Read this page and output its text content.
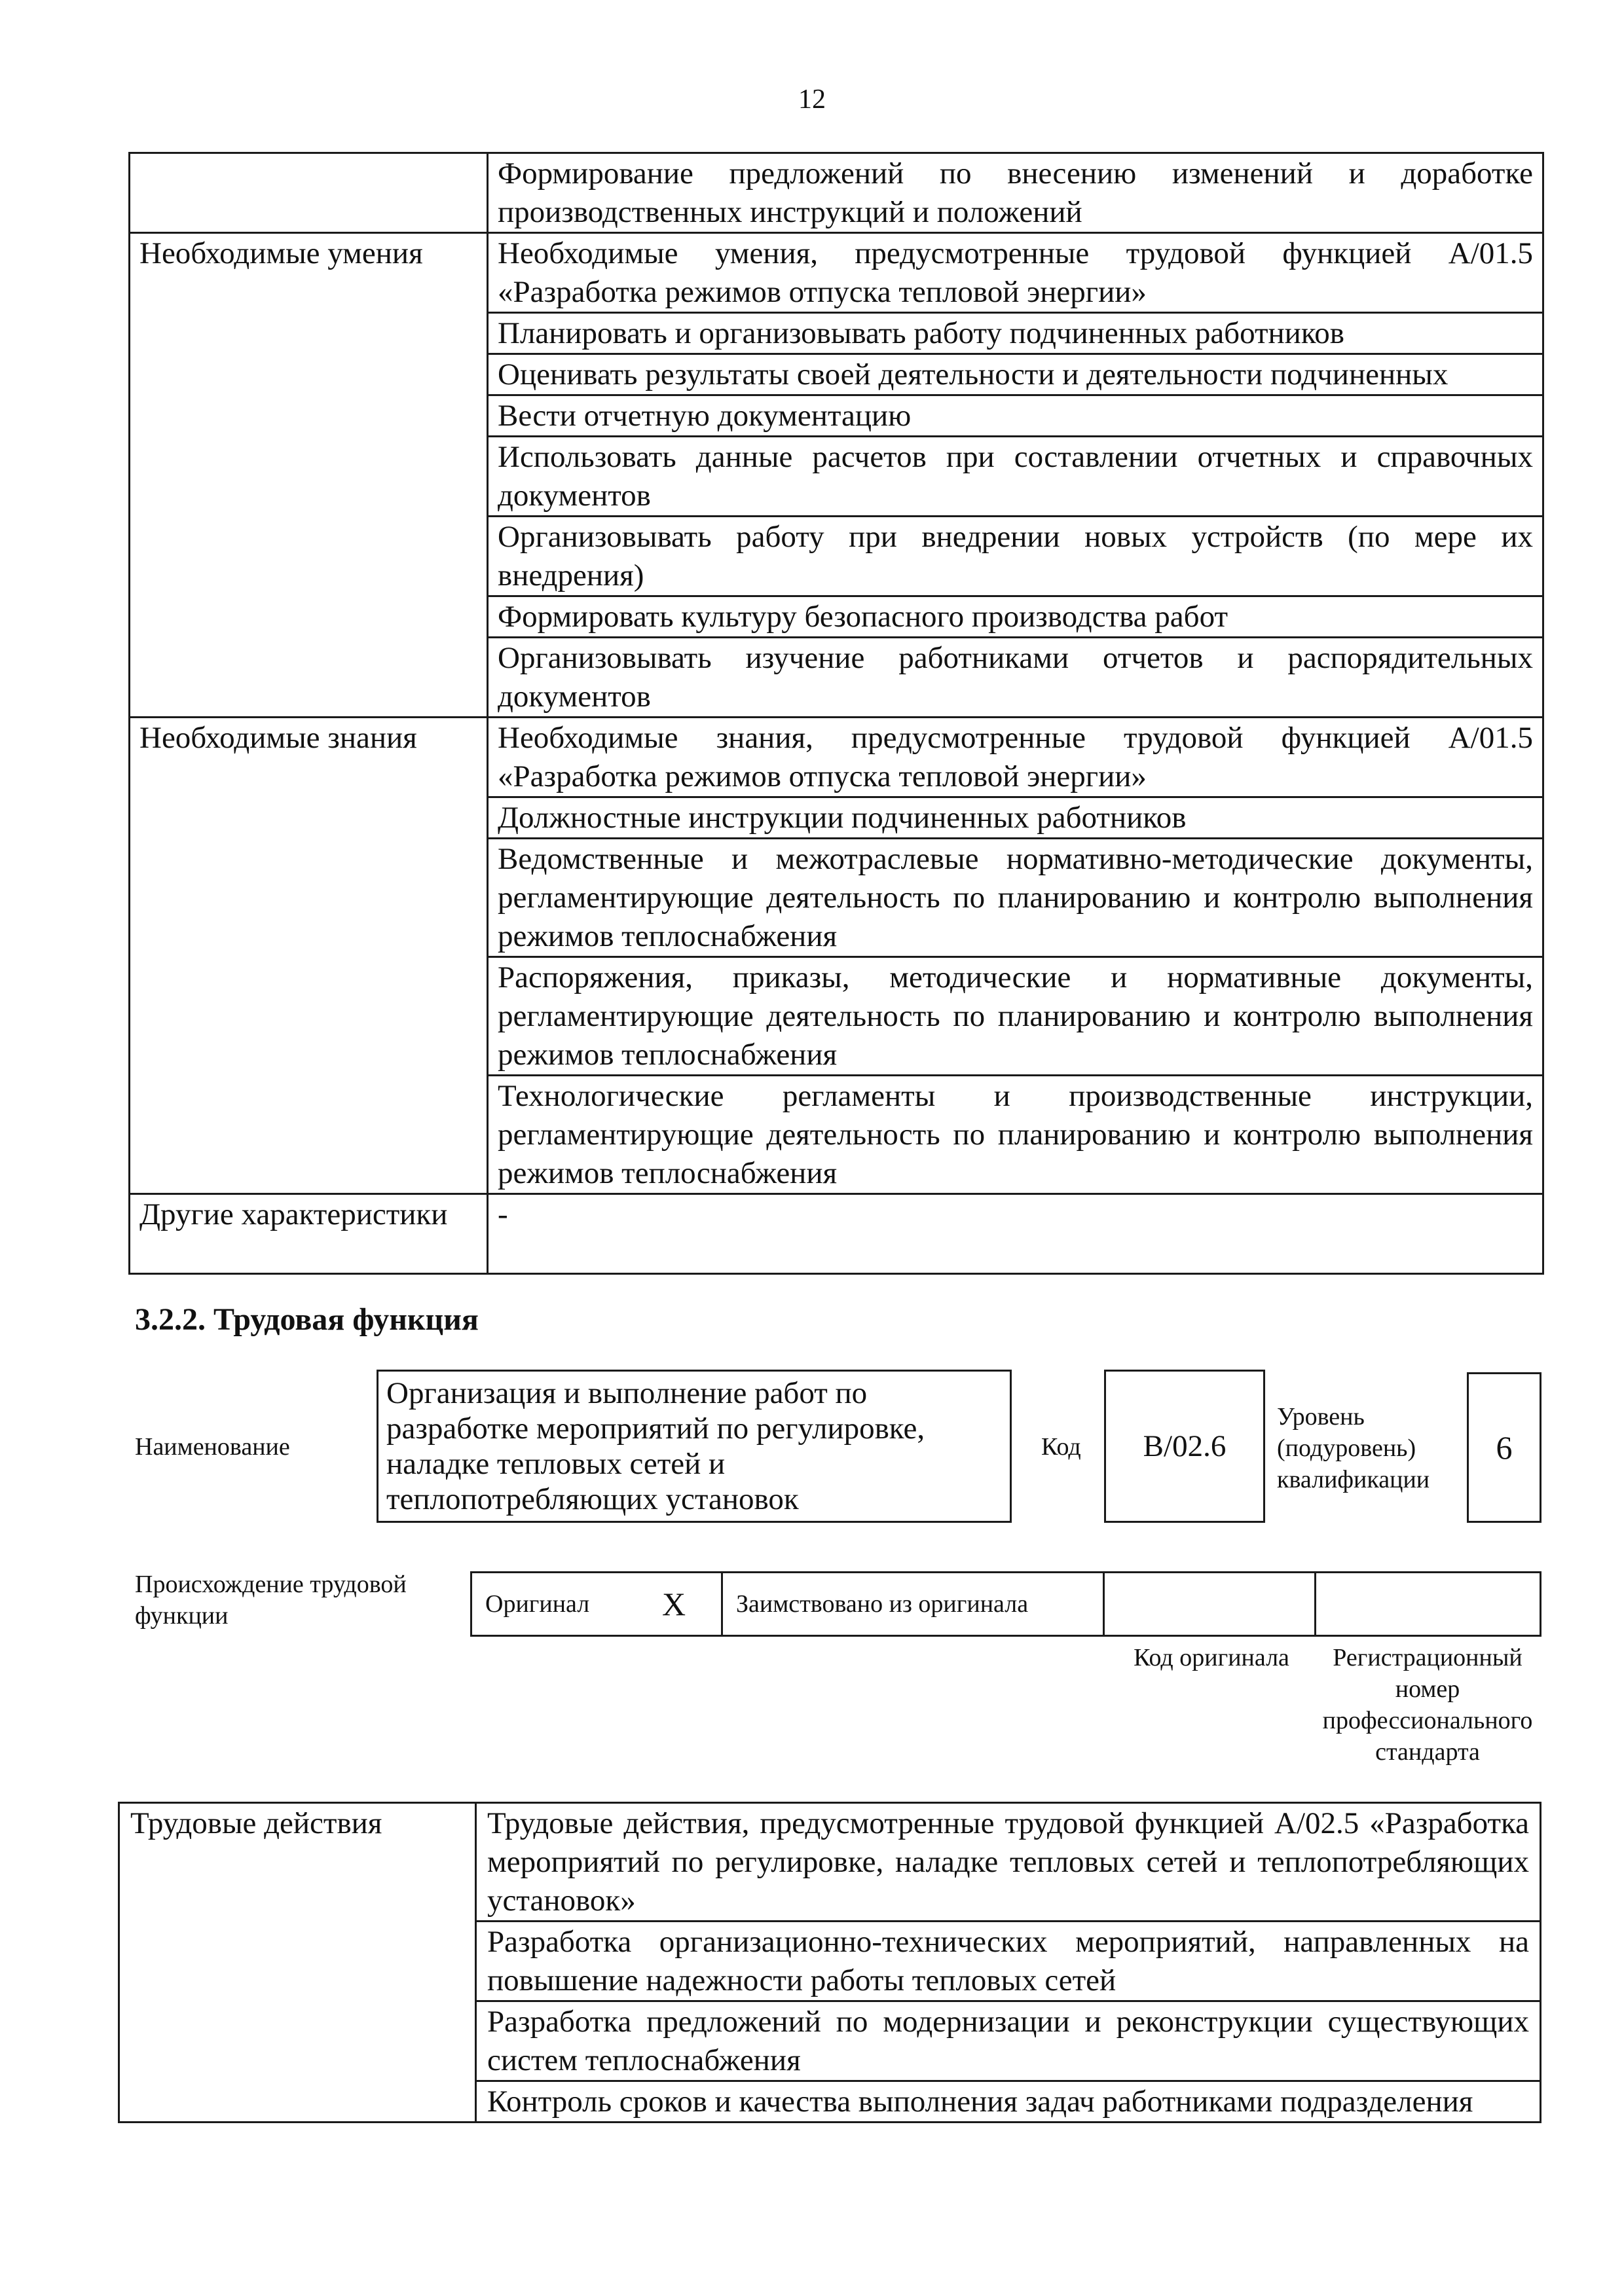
12
	Формирование предложений по внесению изменений и доработке производственных инструкций и положений
Необходимые умения	Необходимые умения, предусмотренные трудовой функцией А/01.5 «Разработка режимов отпуска тепловой энергии»
	Планировать и организовывать работу подчиненных работников
	Оценивать результаты своей деятельности и деятельности подчиненных
	Вести отчетную документацию
	Использовать данные расчетов при составлении отчетных и справочных документов
	Организовывать работу при внедрении новых устройств (по мере их внедрения)
	Формировать культуру безопасного производства работ
	Организовывать изучение работниками отчетов и распорядительных документов
Необходимые знания	Необходимые знания, предусмотренные трудовой функцией А/01.5 «Разработка режимов отпуска тепловой энергии»
	Должностные инструкции подчиненных работников
	Ведомственные и межотраслевые нормативно-методические документы, регламентирующие деятельность по планированию и контролю выполнения режимов теплоснабжения
	Распоряжения, приказы, методические и нормативные документы, регламентирующие деятельность по планированию и контролю выполнения режимов теплоснабжения
	Технологические регламенты и производственные инструкции, регламентирующие деятельность по планированию и контролю выполнения режимов теплоснабжения
Другие характеристики	-
3.2.2. Трудовая функция
Наименование
Организация и выполнение работ по разработке мероприятий по регулировке, наладке тепловых сетей и теплопотребляющих установок
Код	В/02.6
Уровень (подуровень) квалификации
6
Происхождение трудовой функции	Оригинал	X	Заимствовано из оригинала		
Код оригинала	Регистрационный номер профессионального стандарта
Трудовые действия	Трудовые действия, предусмотренные трудовой функцией А/02.5 «Разработка мероприятий по регулировке, наладке тепловых сетей и теплопотребляющих установок»
Разработка организационно-технических мероприятий, направленных на повышение надежности работы тепловых сетей
Разработка предложений по модернизации и реконструкции существующих систем теплоснабжения
Контроль сроков и качества выполнения задач работниками подразделения
